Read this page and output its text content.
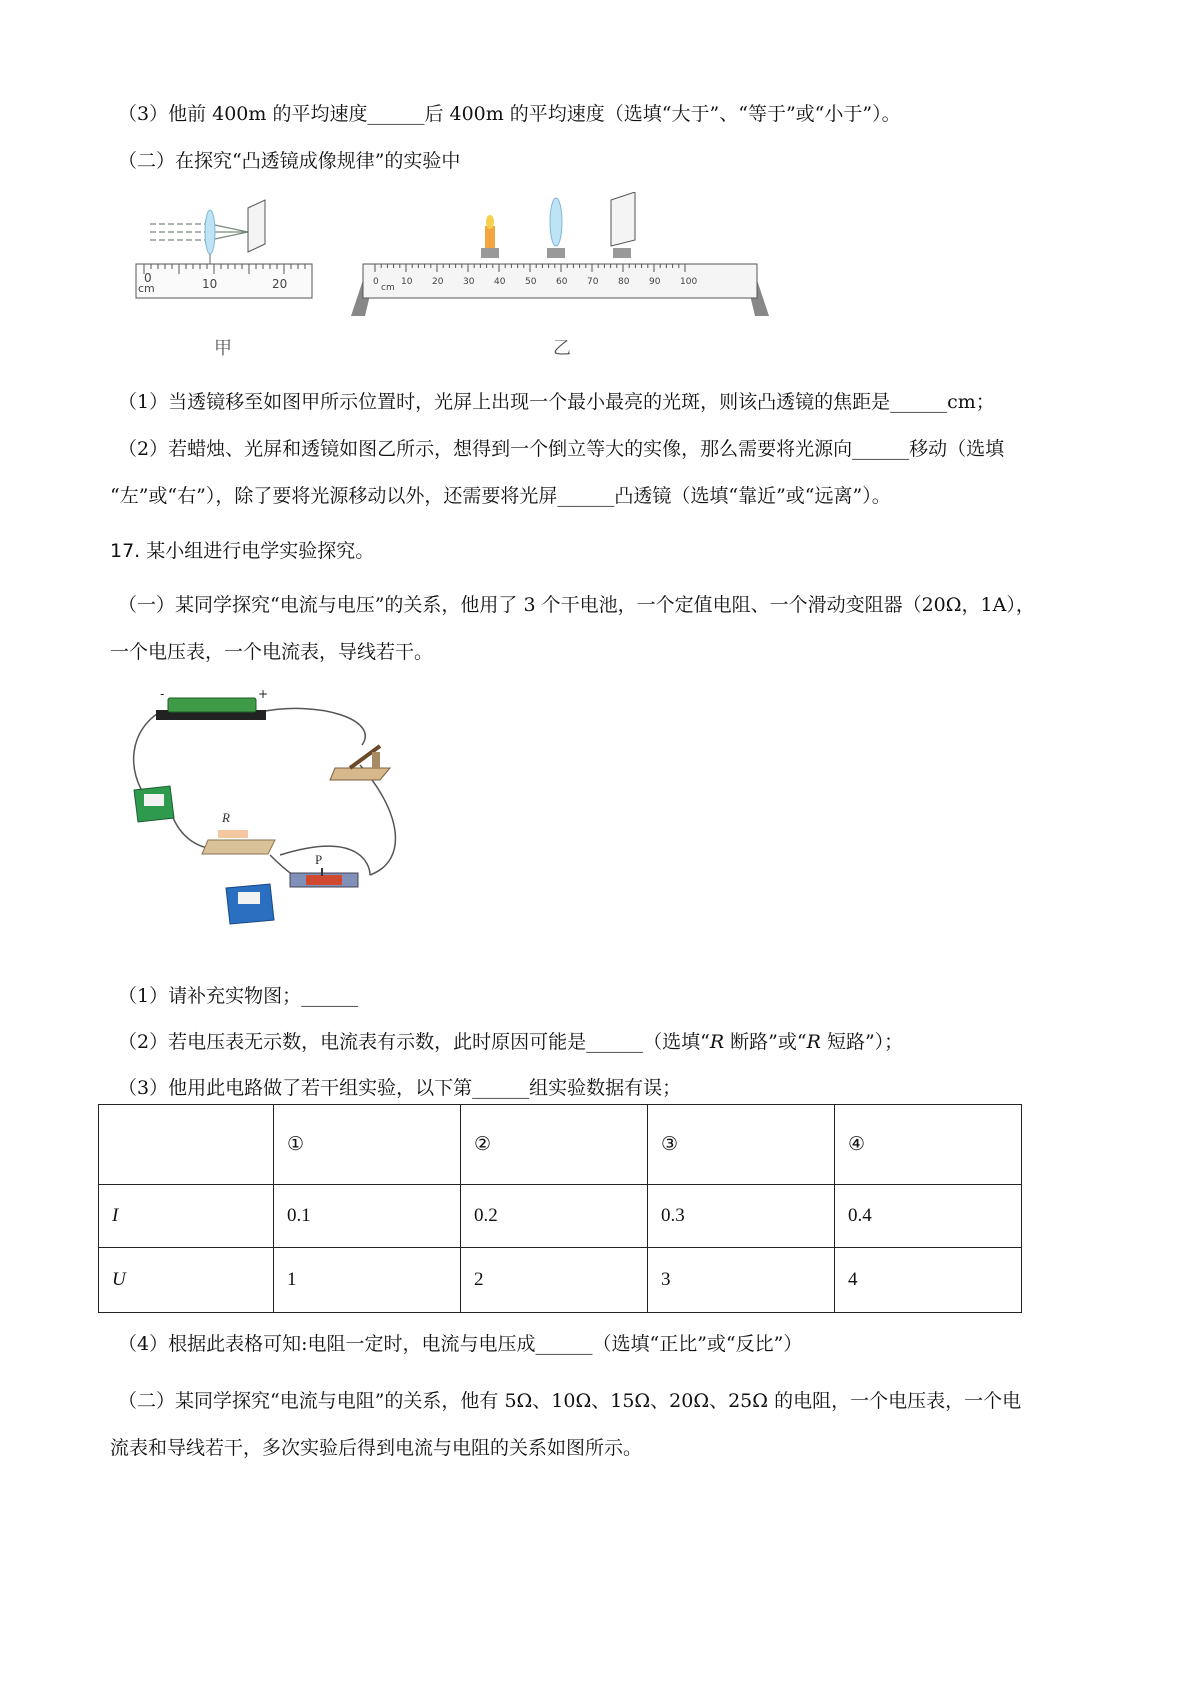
（3）他前 400m 的平均速度______后 400m 的平均速度（选填“大于”、“等于”或“小于”）。
（二）在探究“凸透镜成像规律”的实验中
cm
0	10	20
甲
0 10 20 30 40 50 60 70 80 90 100
cm
乙
（1）当透镜移至如图甲所示位置时，光屏上出现一个最小最亮的光斑，则该凸透镜的焦距是______cm；
（2）若蜡烛、光屏和透镜如图乙所示，想得到一个倒立等大的实像，那么需要将光源向______移动（选填
“左”或“右”），除了要将光源移动以外，还需要将光屏______凸透镜（选填“靠近”或“远离”）。
17. 某小组进行电学实验探究。
（一）某同学探究“电流与电压”的关系，他用了 3 个干电池，一个定值电阻、一个滑动变阻器（20Ω，1A），
一个电压表，一个电流表，导线若干。
-	+
R
P
（1）请补充实物图；______
（2）若电压表无示数，电流表有示数，此时原因可能是______（选填“R 断路”或“R 短路”）；
（3）他用此电路做了若干组实验，以下第______组实验数据有误；
	①	②	③	④
I	0.1	0.2	0.3	0.4
U	1	2	3	4
（4）根据此表格可知:电阻一定时，电流与电压成______（选填“正比”或“反比”）
（二）某同学探究“电流与电阻”的关系，他有 5Ω、10Ω、15Ω、20Ω、25Ω 的电阻，一个电压表，一个电
流表和导线若干，多次实验后得到电流与电阻的关系如图所示。
